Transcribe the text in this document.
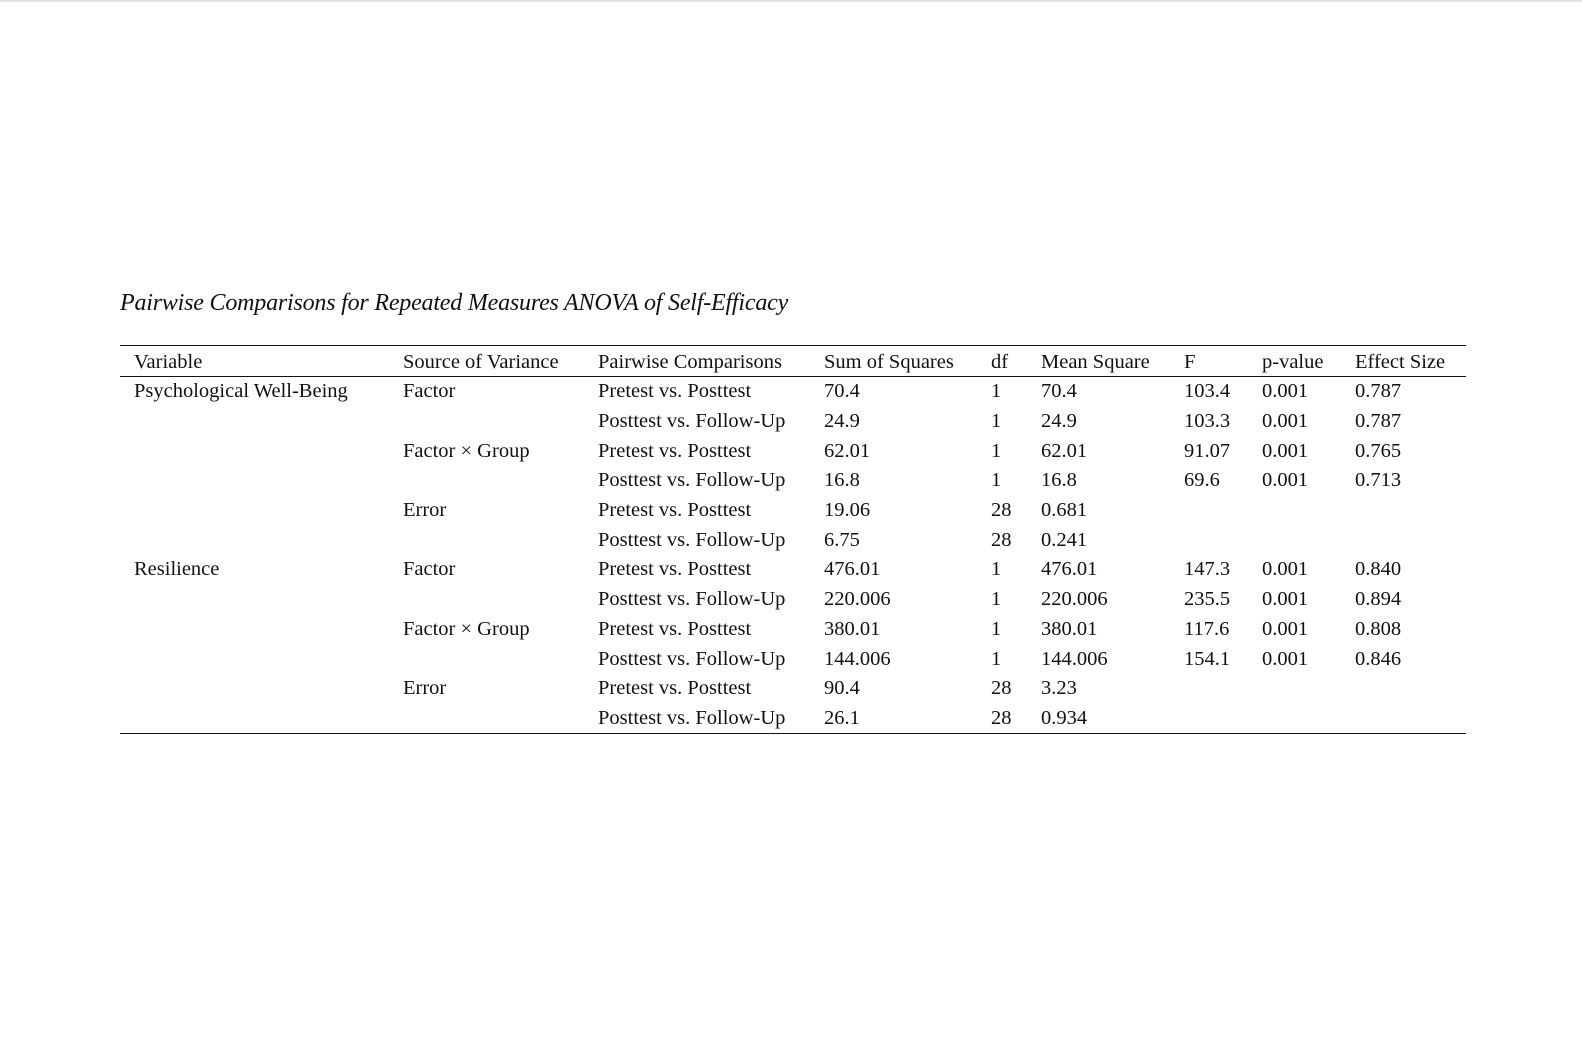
Pairwise Comparisons for Repeated Measures ANOVA of Self-Efficacy
Variable	Source of Variance	Pairwise Comparisons	Sum of Squares	df	Mean Square	F	p-value	Effect Size
Psychological Well-Being	Factor	Pretest vs. Posttest	70.4	1	70.4	103.4	0.001	0.787
		Posttest vs. Follow-Up	24.9	1	24.9	103.3	0.001	0.787
	Factor × Group	Pretest vs. Posttest	62.01	1	62.01	91.07	0.001	0.765
		Posttest vs. Follow-Up	16.8	1	16.8	69.6	0.001	0.713
	Error	Pretest vs. Posttest	19.06	28	0.681			
		Posttest vs. Follow-Up	6.75	28	0.241			
Resilience	Factor	Pretest vs. Posttest	476.01	1	476.01	147.3	0.001	0.840
		Posttest vs. Follow-Up	220.006	1	220.006	235.5	0.001	0.894
	Factor × Group	Pretest vs. Posttest	380.01	1	380.01	117.6	0.001	0.808
		Posttest vs. Follow-Up	144.006	1	144.006	154.1	0.001	0.846
	Error	Pretest vs. Posttest	90.4	28	3.23			
		Posttest vs. Follow-Up	26.1	28	0.934			
